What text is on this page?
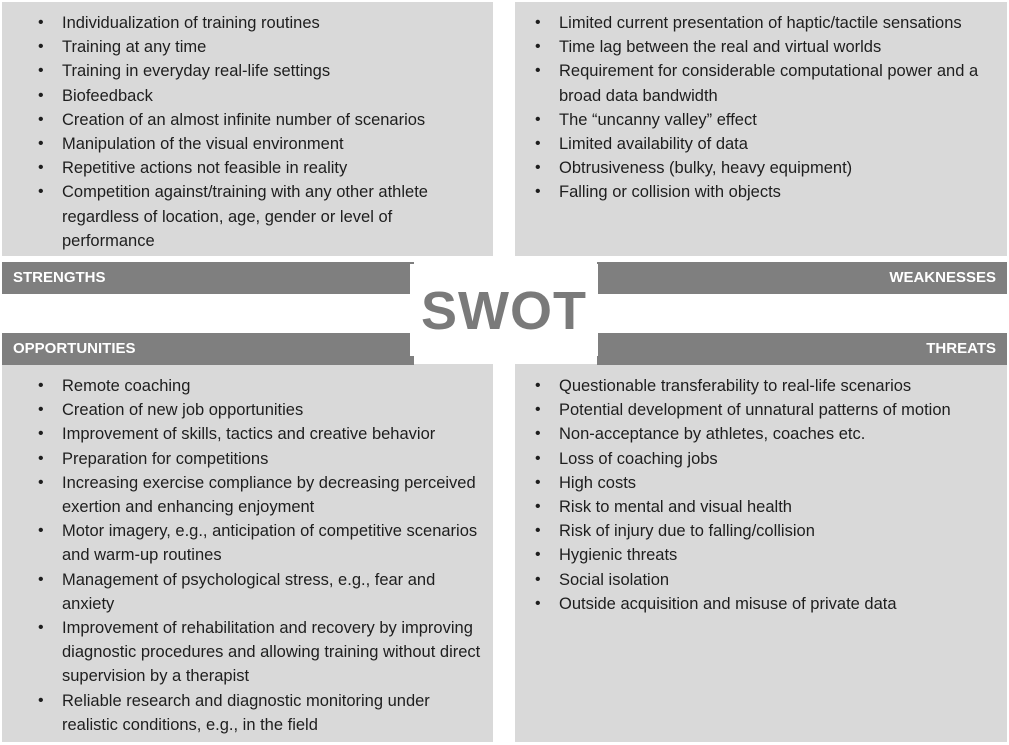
• Individualization of training routines
• Training at any time
• Training in everyday real-life settings
• Biofeedback
• Creation of an almost infinite number of scenarios
• Manipulation of the visual environment
• Repetitive actions not feasible in reality
• Competition against/training with any other athlete regardless of location, age, gender or level of performance
• Limited current presentation of haptic/tactile sensations
• Time lag between the real and virtual worlds
• Requirement for considerable computational power and a broad data bandwidth
• The “uncanny valley” effect
• Limited availability of data
• Obtrusiveness (bulky, heavy equipment)
• Falling or collision with objects
• Remote coaching
• Creation of new job opportunities
• Improvement of skills, tactics and creative behavior
• Preparation for competitions
• Increasing exercise compliance by decreasing perceived exertion and enhancing enjoyment
• Motor imagery, e.g., anticipation of competitive scenarios and warm-up routines
• Management of psychological stress, e.g., fear and anxiety
• Improvement of rehabilitation and recovery by improving diagnostic procedures and allowing training without direct supervision by a therapist
• Reliable research and diagnostic monitoring under realistic conditions, e.g., in the field
• Questionable transferability to real-life scenarios
• Potential development of unnatural patterns of motion
• Non-acceptance by athletes, coaches etc.
• Loss of coaching jobs
• High costs
• Risk to mental and visual health
• Risk of injury due to falling/collision
• Hygienic threats
• Social isolation
• Outside acquisition and misuse of private data
STRENGTHS	WEAKNESSES
OPPORTUNITIES	THREATS
SWOT
